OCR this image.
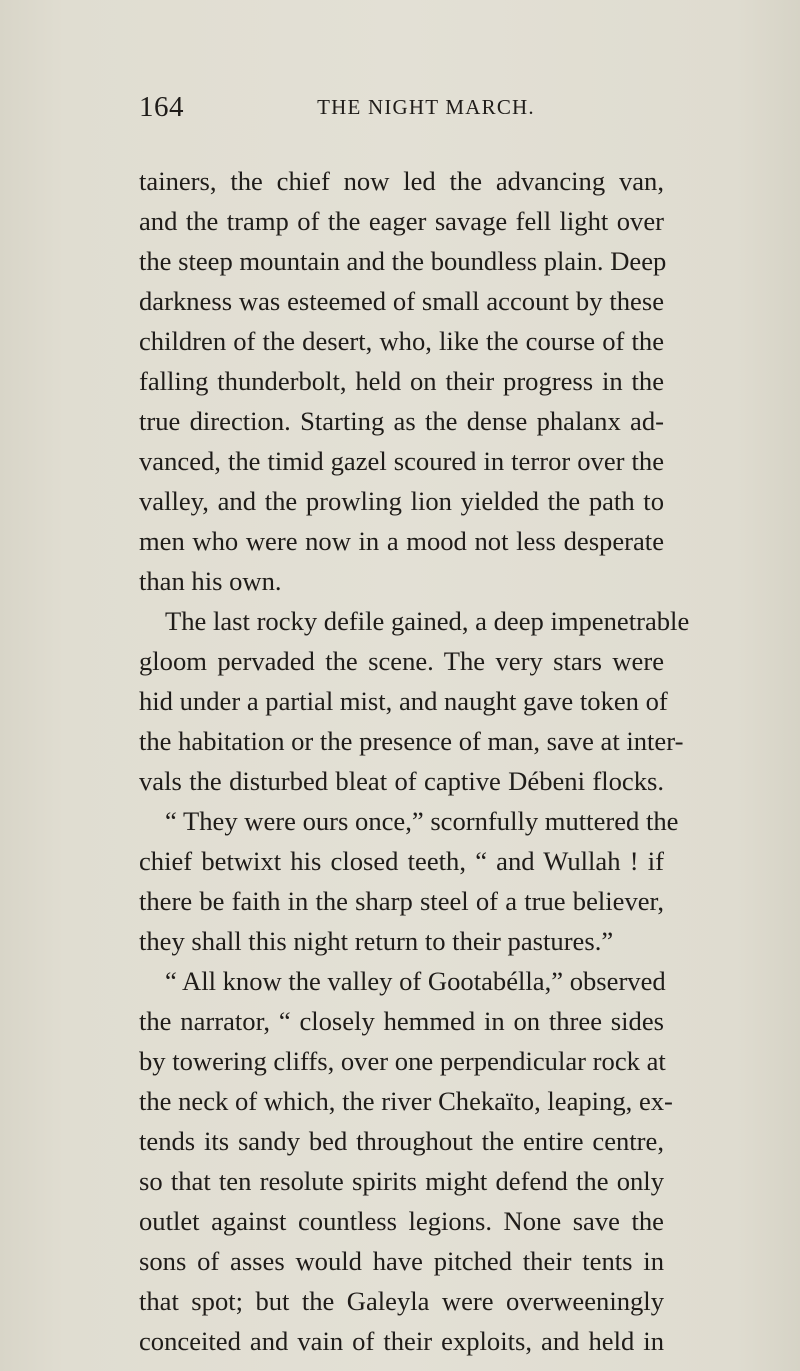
164	THE NIGHT MARCH.
tainers, the chief now led the advancing van,
and the tramp of the eager savage fell light over
the steep mountain and the boundless plain. Deep
darkness was esteemed of small account by these
children of the desert, who, like the course of the
falling thunderbolt, held on their progress in the
true direction. Starting as the dense phalanx ad-
vanced, the timid gazel scoured in terror over the
valley, and the prowling lion yielded the path to
men who were now in a mood not less desperate
than his own.
The last rocky defile gained, a deep impenetrable
gloom pervaded the scene. The very stars were
hid under a partial mist, and naught gave token of
the habitation or the presence of man, save at inter-
vals the disturbed bleat of captive Débeni flocks.
“ They were ours once,” scornfully muttered the
chief betwixt his closed teeth, “ and Wullah ! if
there be faith in the sharp steel of a true believer,
they shall this night return to their pastures.”
“ All know the valley of Gootabélla,” observed
the narrator, “ closely hemmed in on three sides
by towering cliffs, over one perpendicular rock at
the neck of which, the river Chekaïto, leaping, ex-
tends its sandy bed throughout the entire centre,
so that ten resolute spirits might defend the only
outlet against countless legions. None save the
sons of asses would have pitched their tents in
that spot; but the Galeyla were overweeningly
conceited and vain of their exploits, and held in
